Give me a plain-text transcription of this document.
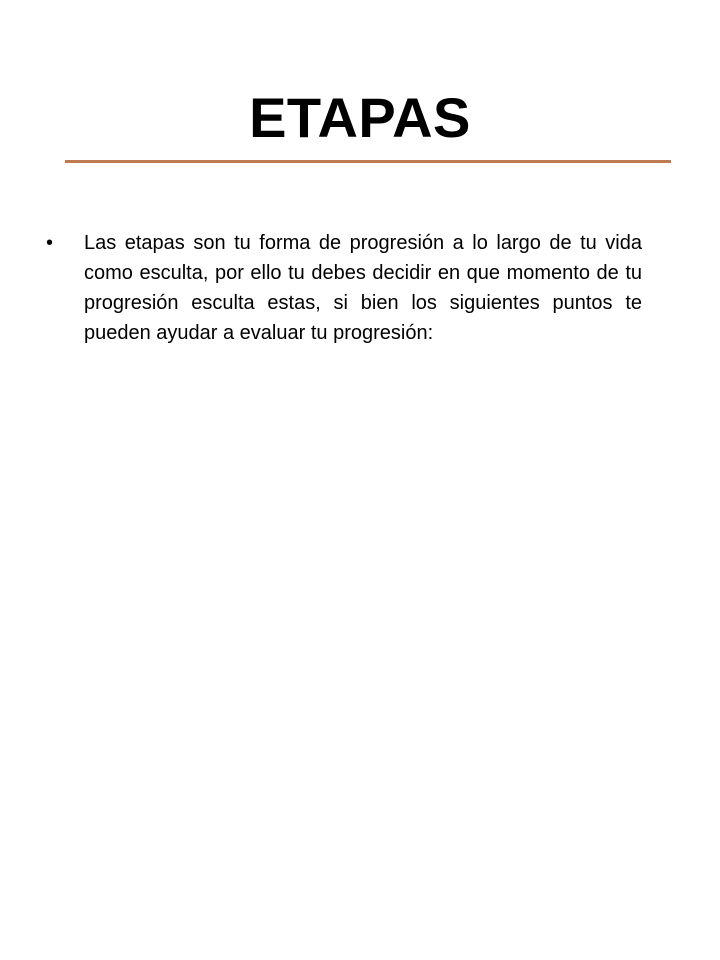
ETAPAS
• Las etapas son tu forma de progresión a lo largo de tu vida como esculta, por ello tu debes decidir en que momento de tu progresión esculta estas, si bien los siguientes puntos te pueden ayudar a evaluar tu progresión:
